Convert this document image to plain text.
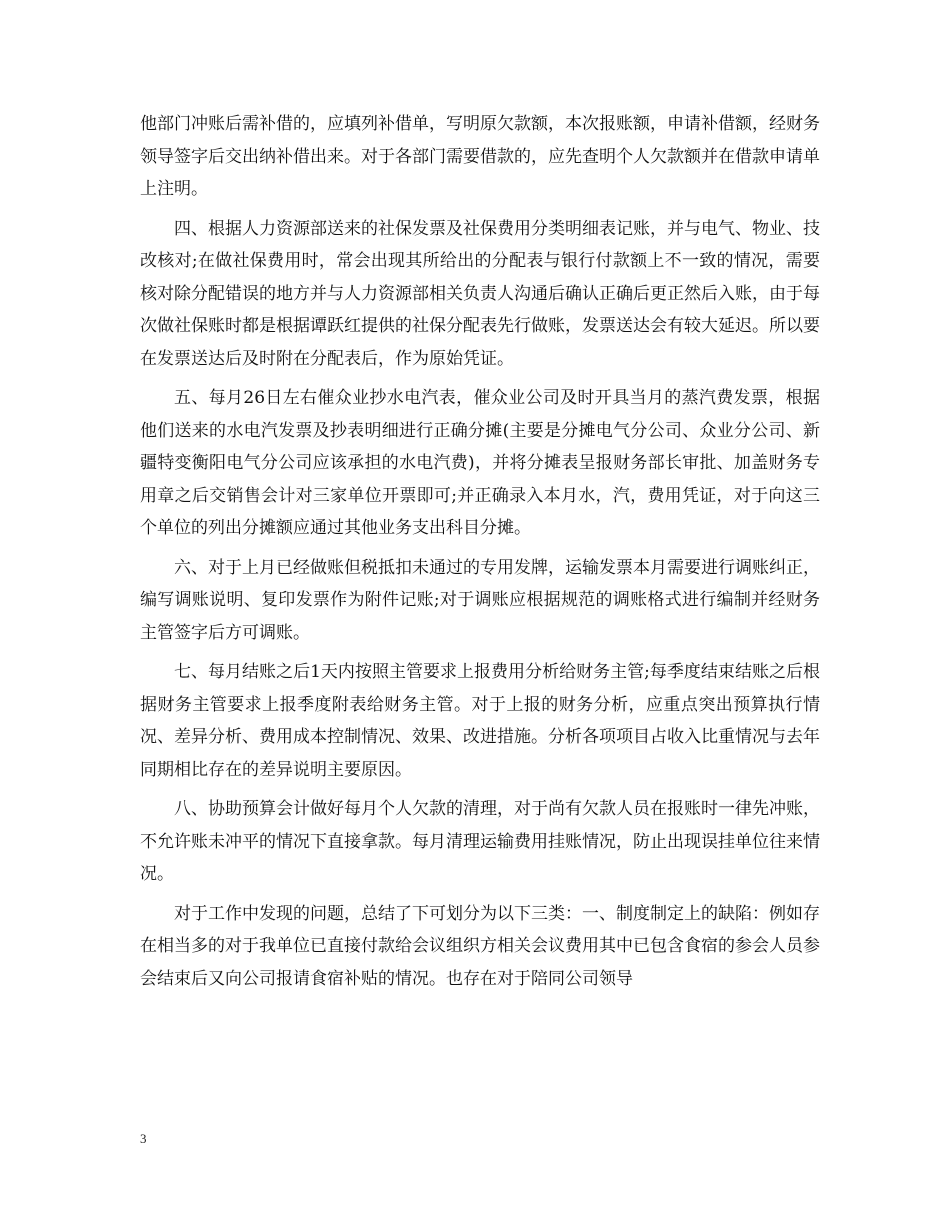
他部门冲账后需补借的，应填列补借单，写明原欠款额，本次报账额，申请补借额，经财务领导签字后交出纳补借出来。对于各部门需要借款的，应先查明个人欠款额并在借款申请单上注明。

四、根据人力资源部送来的社保发票及社保费用分类明细表记账，并与电气、物业、技改核对;在做社保费用时，常会出现其所给出的分配表与银行付款额上不一致的情况，需要核对除分配错误的地方并与人力资源部相关负责人沟通后确认正确后更正然后入账，由于每次做社保账时都是根据谭跃红提供的社保分配表先行做账，发票送达会有较大延迟。所以要在发票送达后及时附在分配表后，作为原始凭证。

五、每月26日左右催众业抄水电汽表，催众业公司及时开具当月的蒸汽费发票，根据他们送来的水电汽发票及抄表明细进行正确分摊(主要是分摊电气分公司、众业分公司、新疆特变衡阳电气分公司应该承担的水电汽费)，并将分摊表呈报财务部长审批、加盖财务专用章之后交销售会计对三家单位开票即可;并正确录入本月水，汽，费用凭证，对于向这三个单位的列出分摊额应通过其他业务支出科目分摊。

六、对于上月已经做账但税抵扣未通过的专用发牌，运输发票本月需要进行调账纠正，编写调账说明、复印发票作为附件记账;对于调账应根据规范的调账格式进行编制并经财务主管签字后方可调账。

七、每月结账之后1天内按照主管要求上报费用分析给财务主管;每季度结束结账之后根据财务主管要求上报季度附表给财务主管。对于上报的财务分析，应重点突出预算执行情况、差异分析、费用成本控制情况、效果、改进措施。分析各项项目占收入比重情况与去年同期相比存在的差异说明主要原因。

八、协助预算会计做好每月个人欠款的清理，对于尚有欠款人员在报账时一律先冲账，不允许账未冲平的情况下直接拿款。每月清理运输费用挂账情况，防止出现误挂单位往来情况。

对于工作中发现的问题，总结了下可划分为以下三类：一、制度制定上的缺陷：例如存在相当多的对于我单位已直接付款给会议组织方相关会议费用其中已包含食宿的参会人员参会结束后又向公司报请食宿补贴的情况。也存在对于陪同公司领导

3
